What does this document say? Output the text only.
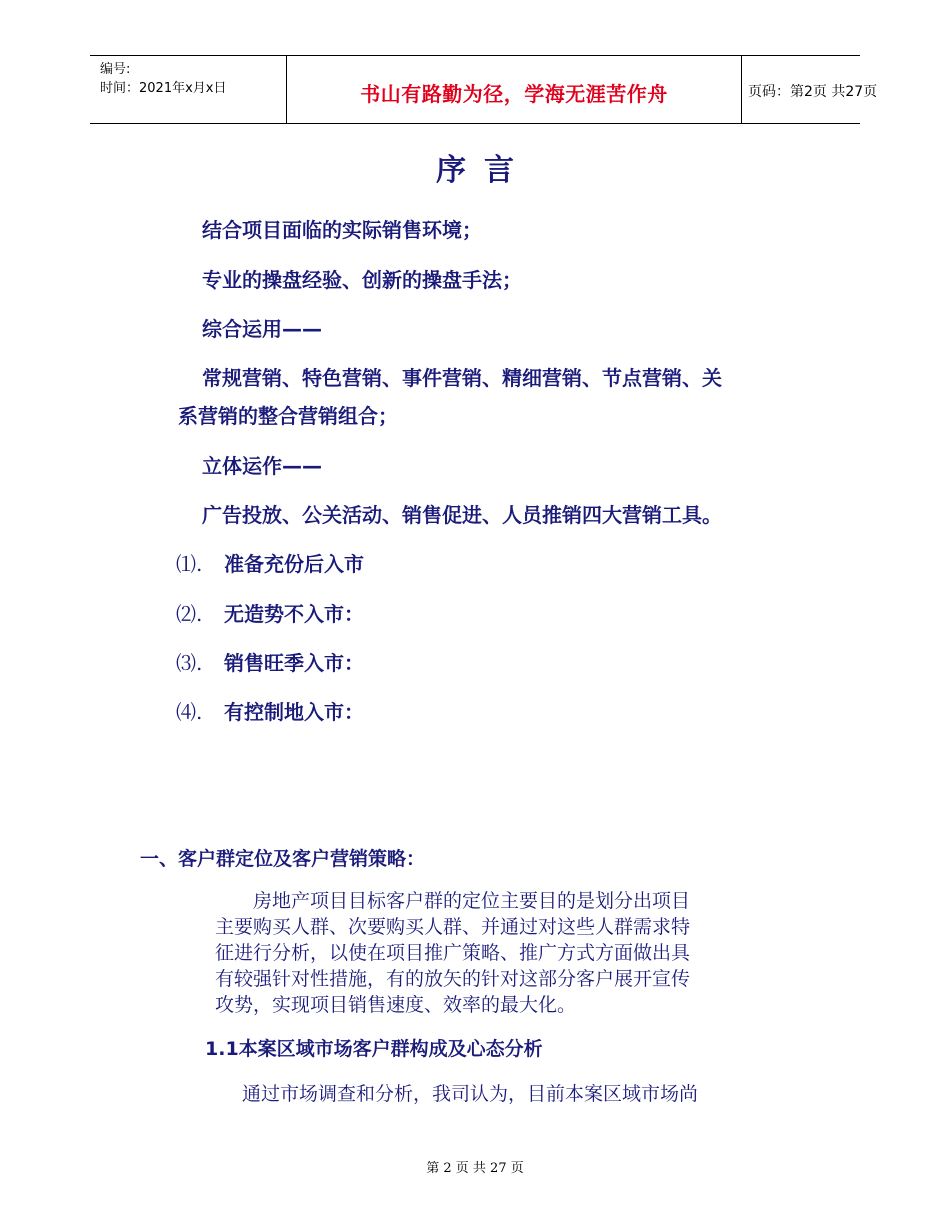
编号:
时间：2021年x月x日	书山有路勤为径，学海无涯苦作舟	页码：第2页 共27页
序言
结合项目面临的实际销售环境；
专业的操盘经验、创新的操盘手法；
综合运用——
常规营销、特色营销、事件营销、精细营销、节点营销、关
系营销的整合营销组合；
立体运作——
广告投放、公关活动、销售促进、人员推销四大营销工具。
⑴. 准备充份后入市
⑵. 无造势不入市：
⑶. 销售旺季入市：
⑷. 有控制地入市：
一、客户群定位及客户营销策略：
　　房地产项目目标客户群的定位主要目的是划分出项目
主要购买人群、次要购买人群、并通过对这些人群需求特
征进行分析，以使在项目推广策略、推广方式方面做出具
有较强针对性措施，有的放矢的针对这部分客户展开宣传
攻势，实现项目销售速度、效率的最大化。
1.1本案区域市场客户群构成及心态分析
通过市场调查和分析，我司认为，目前本案区域市场尚
第 2 页 共 27 页
